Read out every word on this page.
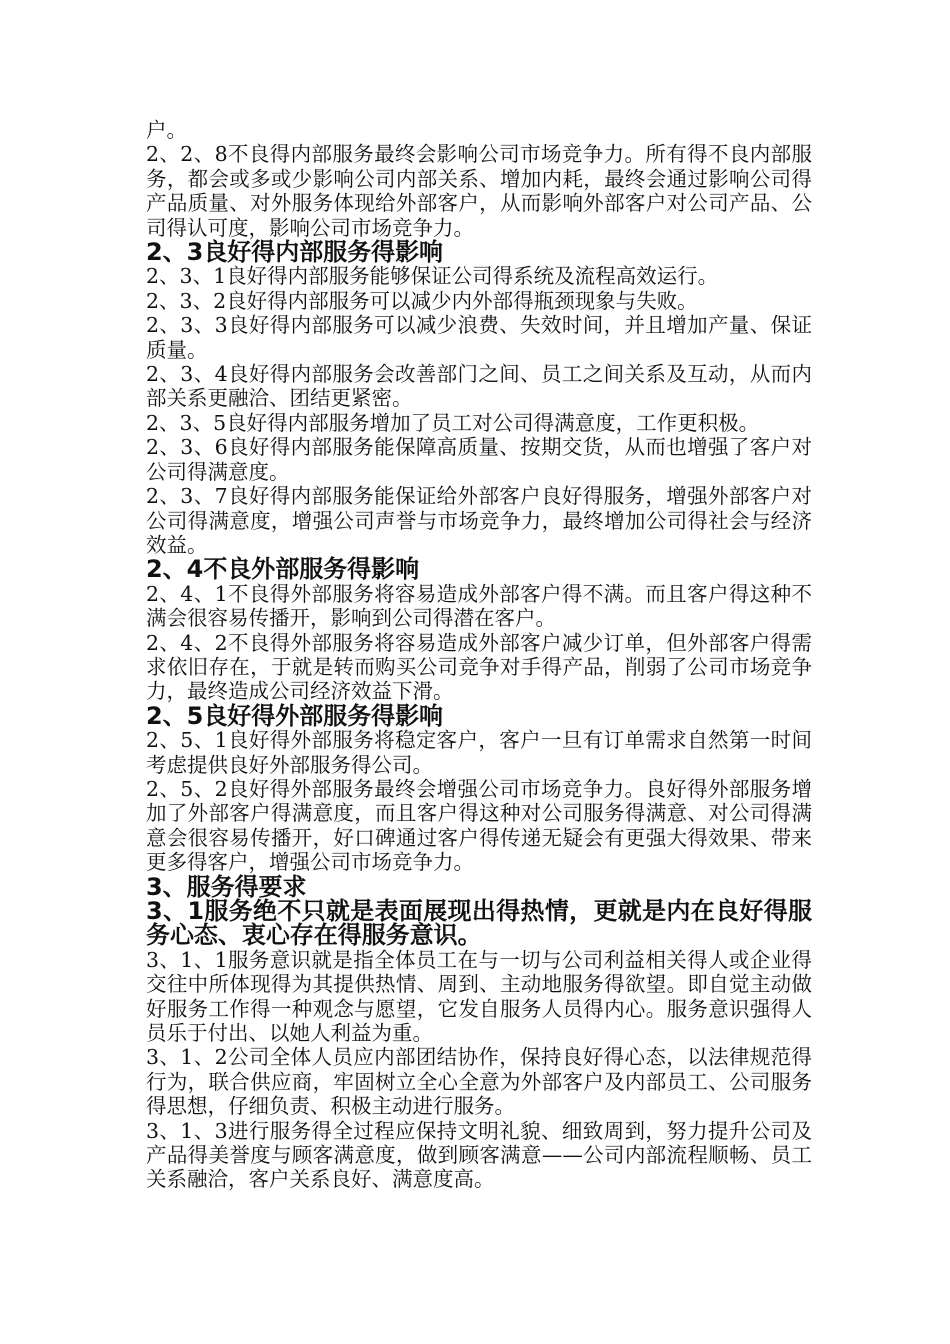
户。

2、2、8不良得内部服务最终会影响公司市场竞争力。所有得不良内部服务，都会或多或少影响公司内部关系、增加内耗，最终会通过影响公司得产品质量、对外服务体现给外部客户，从而影响外部客户对公司产品、公司得认可度，影响公司市场竞争力。

2、3良好得内部服务得影响

2、3、1良好得内部服务能够保证公司得系统及流程高效运行。

2、3、2良好得内部服务可以减少内外部得瓶颈现象与失败。

2、3、3良好得内部服务可以减少浪费、失效时间，并且增加产量、保证质量。

2、3、4良好得内部服务会改善部门之间、员工之间关系及互动，从而内部关系更融洽、团结更紧密。

2、3、5良好得内部服务增加了员工对公司得满意度，工作更积极。

2、3、6良好得内部服务能保障高质量、按期交货，从而也增强了客户对公司得满意度。

2、3、7良好得内部服务能保证给外部客户良好得服务，增强外部客户对公司得满意度，增强公司声誉与市场竞争力，最终增加公司得社会与经济效益。

2、4不良外部服务得影响

2、4、1不良得外部服务将容易造成外部客户得不满。而且客户得这种不满会很容易传播开，影响到公司得潜在客户。

2、4、2不良得外部服务将容易造成外部客户减少订单，但外部客户得需求依旧存在，于就是转而购买公司竞争对手得产品，削弱了公司市场竞争力，最终造成公司经济效益下滑。

2、5良好得外部服务得影响

2、5、1良好得外部服务将稳定客户，客户一旦有订单需求自然第一时间考虑提供良好外部服务得公司。

2、5、2良好得外部服务最终会增强公司市场竞争力。良好得外部服务增加了外部客户得满意度，而且客户得这种对公司服务得满意、对公司得满意会很容易传播开，好口碑通过客户得传递无疑会有更强大得效果、带来更多得客户，增强公司市场竞争力。

3、服务得要求
3、1服务绝不只就是表面展现出得热情，更就是内在良好得服务心态、衷心存在得服务意识。

3、1、1服务意识就是指全体员工在与一切与公司利益相关得人或企业得交往中所体现得为其提供热情、周到、主动地服务得欲望。即自觉主动做好服务工作得一种观念与愿望，它发自服务人员得内心。服务意识强得人员乐于付出、以她人利益为重。

3、1、2公司全体人员应内部团结协作，保持良好得心态，以法律规范得行为，联合供应商，牢固树立全心全意为外部客户及内部员工、公司服务得思想，仔细负责、积极主动进行服务。

3、1、3进行服务得全过程应保持文明礼貌、细致周到，努力提升公司及产品得美誉度与顾客满意度，做到顾客满意——公司内部流程顺畅、员工关系融洽，客户关系良好、满意度高。
